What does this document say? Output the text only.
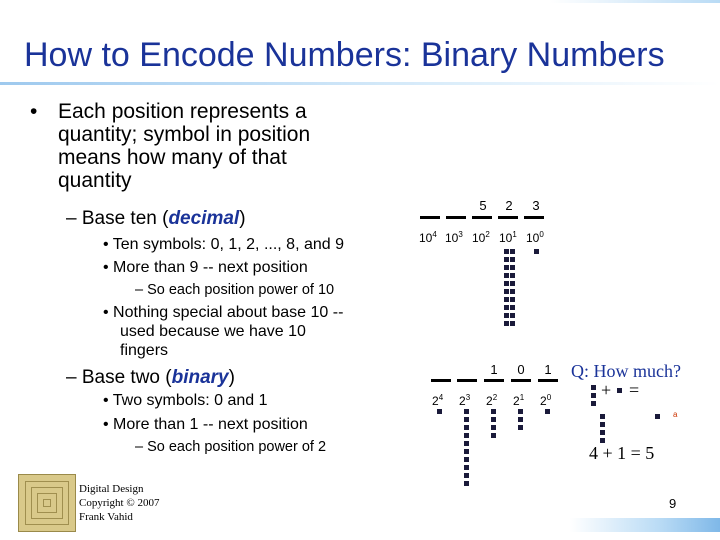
How to Encode Numbers: Binary Numbers
• Each position represents a quantity; symbol in position means how many of that quantity
– Base ten (decimal)
• Ten symbols: 0, 1, 2, ..., 8, and 9
• More than 9 -- next position
– So each position power of 10
• Nothing special about base 10 --
used because we have 10
fingers
– Base two (binary)
• Two symbols: 0 and 1
• More than 1 -- next position
– So each position power of 2
5 2 3
$10^4$ $10^3$ $10^2$ $10^1$ $10^0$
1 0 1
$2^4$ $2^3$ $2^2$ $2^1$ $2^0$
Q: How much?
+ =
a
4 + 1 = 5
Digital Design
Copyright © 2007
Frank Vahid
9
